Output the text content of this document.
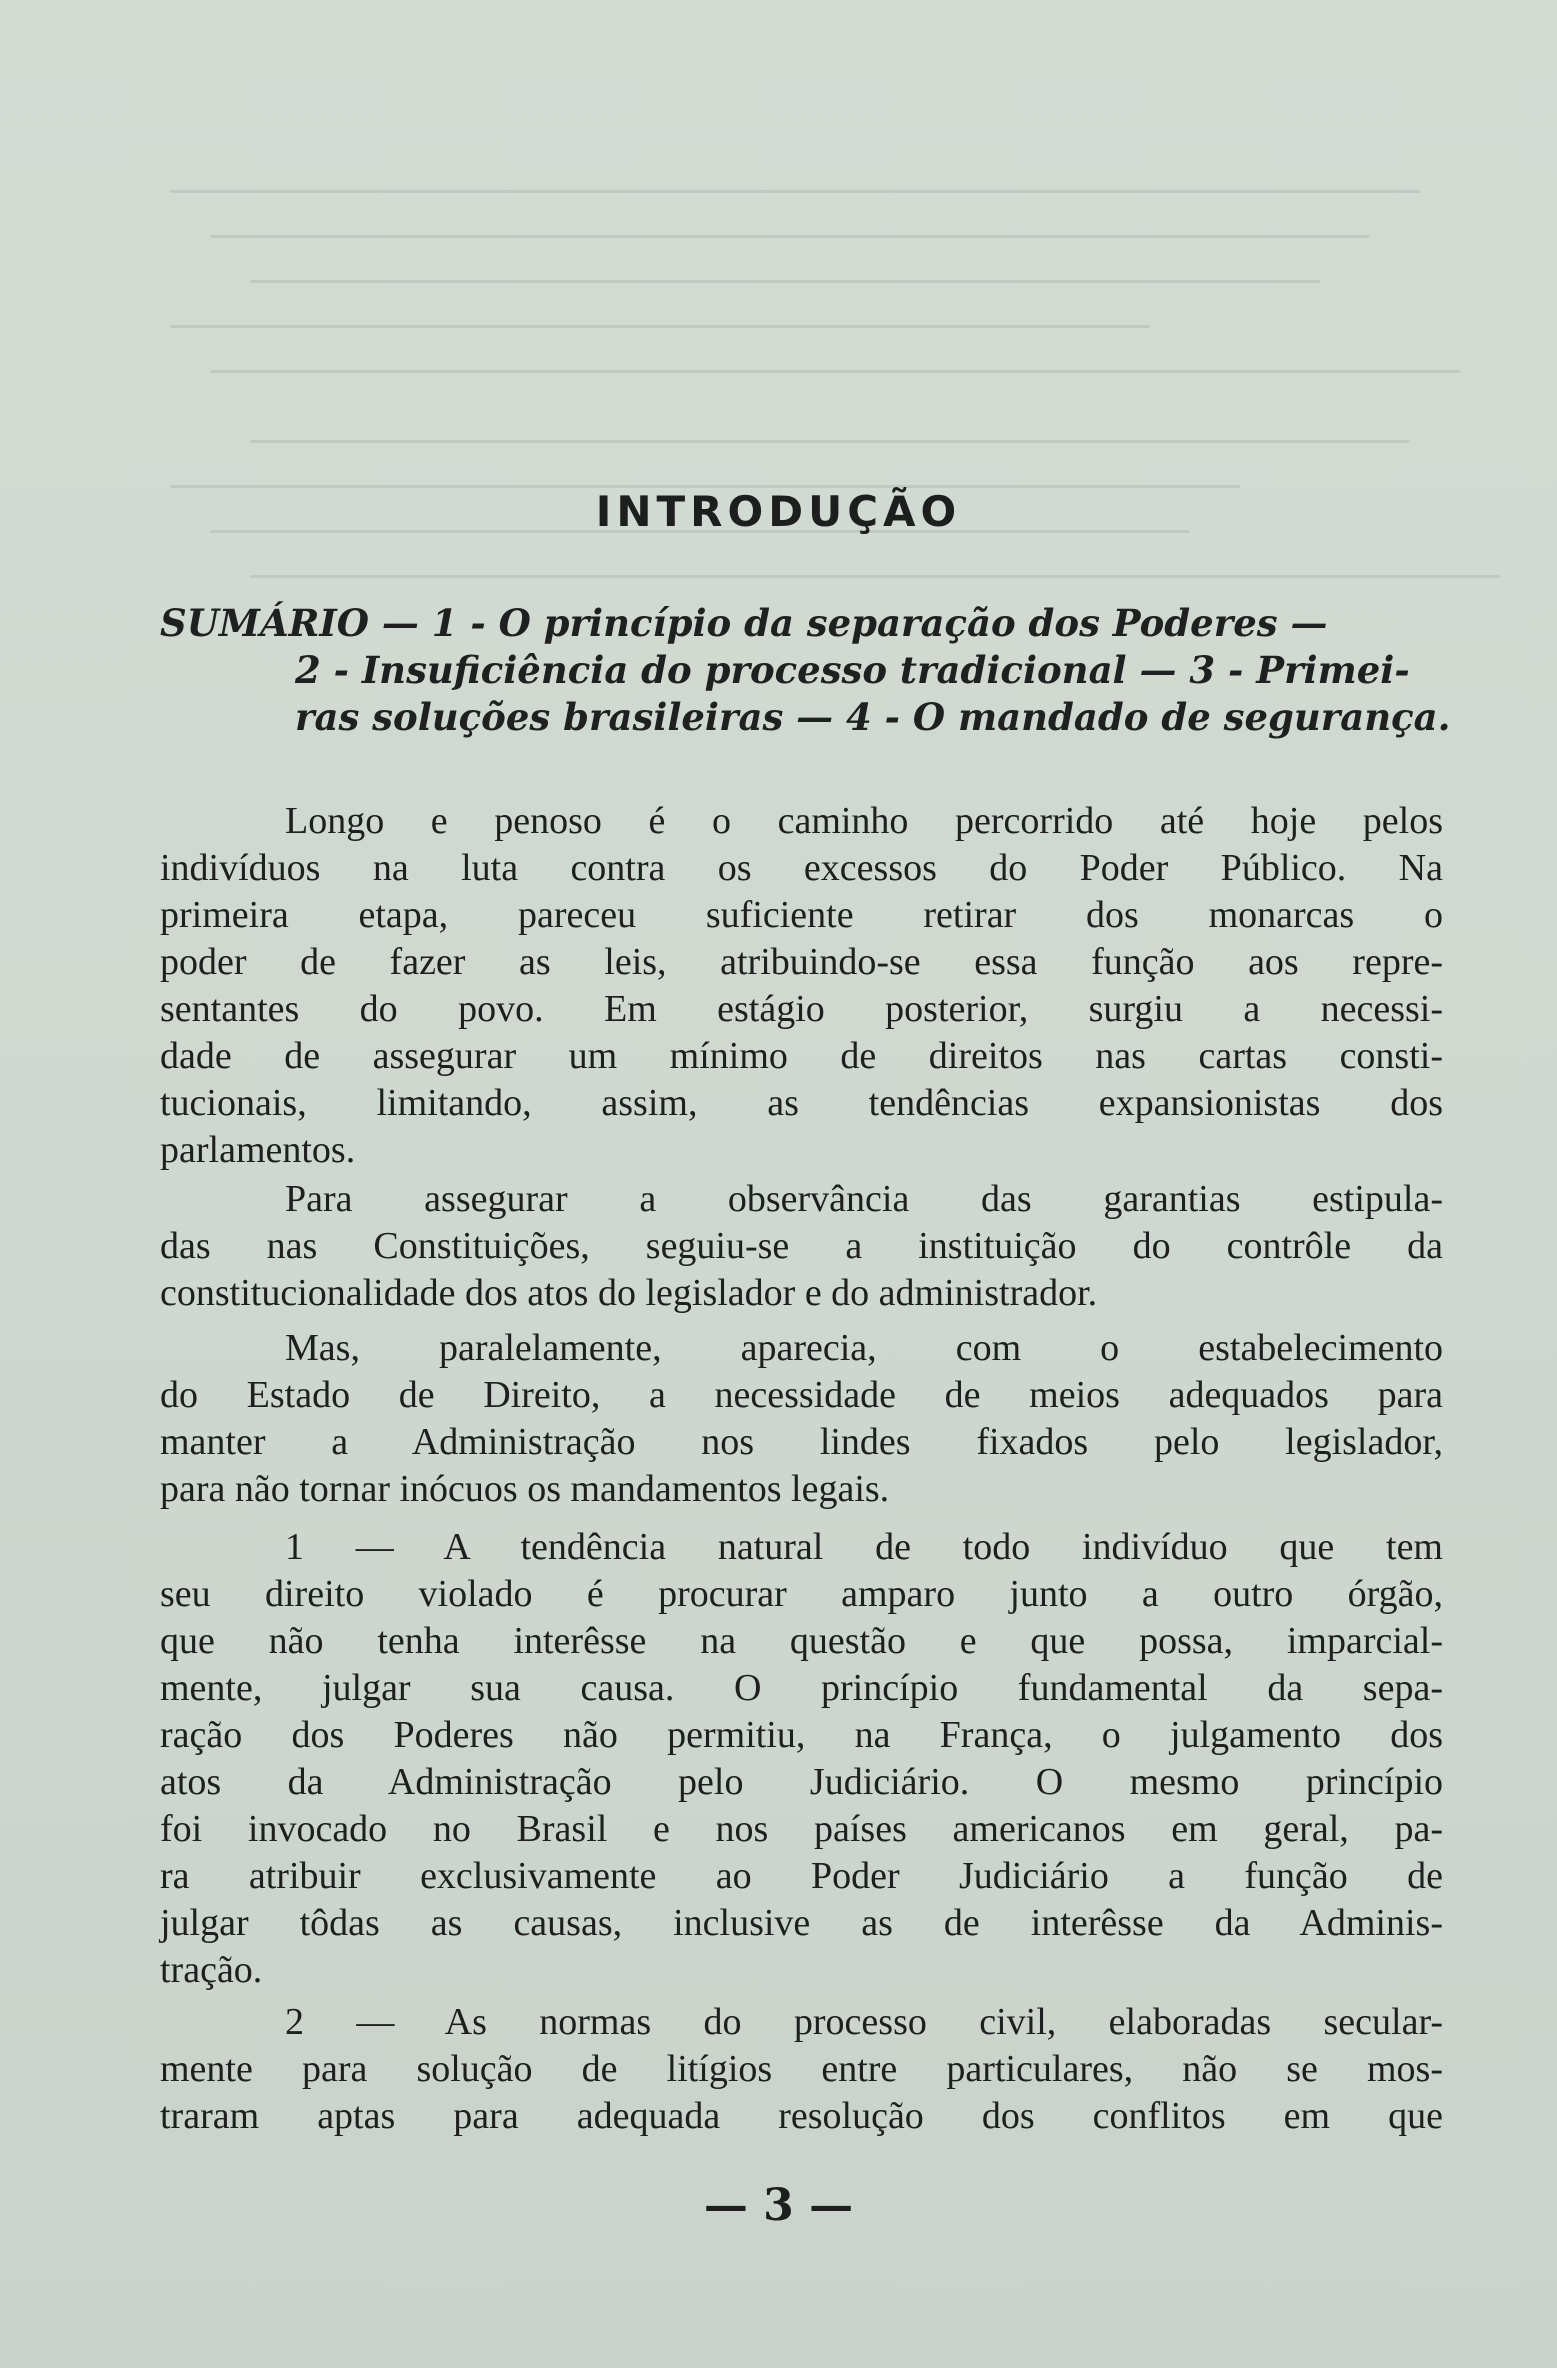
INTRODUÇÃO
SUMÁRIO — 1 - O princípio da separação dos Poderes —
2 - Insuficiência do processo tradicional — 3 - Primei-
ras soluções brasileiras — 4 - O mandado de segurança.
Longo e penoso é o caminho percorrido até hoje pelos
indivíduos na luta contra os excessos do Poder Público. Na
primeira etapa, pareceu suficiente retirar dos monarcas o
poder de fazer as leis, atribuindo-se essa função aos repre-
sentantes do povo. Em estágio posterior, surgiu a necessi-
dade de assegurar um mínimo de direitos nas cartas consti-
tucionais, limitando, assim, as tendências expansionistas dos
parlamentos.
Para assegurar a observância das garantias estipula-
das nas Constituições, seguiu-se a instituição do contrôle da
constitucionalidade dos atos do legislador e do administrador.
Mas, paralelamente, aparecia, com o estabelecimento
do Estado de Direito, a necessidade de meios adequados para
manter a Administração nos lindes fixados pelo legislador,
para não tornar inócuos os mandamentos legais.
1 — A tendência natural de todo indivíduo que tem
seu direito violado é procurar amparo junto a outro órgão,
que não tenha interêsse na questão e que possa, imparcial-
mente, julgar sua causa. O princípio fundamental da sepa-
ração dos Poderes não permitiu, na França, o julgamento dos
atos da Administração pelo Judiciário. O mesmo princípio
foi invocado no Brasil e nos países americanos em geral, pa-
ra atribuir exclusivamente ao Poder Judiciário a função de
julgar tôdas as causas, inclusive as de interêsse da Adminis-
tração.
2 — As normas do processo civil, elaboradas secular-
mente para solução de litígios entre particulares, não se mos-
traram aptas para adequada resolução dos conflitos em que
— 3 —
